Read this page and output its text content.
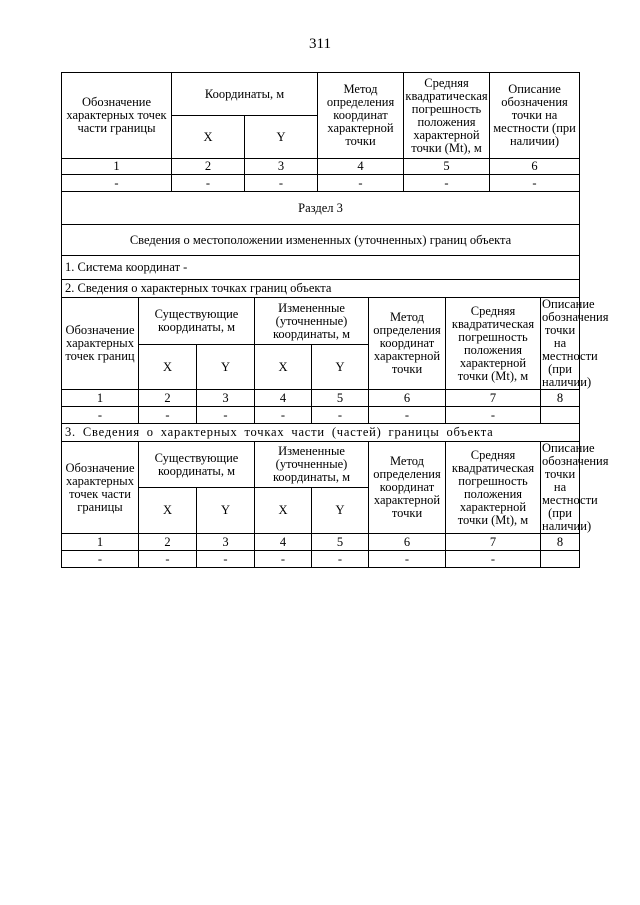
311
Обозначение характерных точек части границы	Координаты, м		Метод определения координат характерной точки	Средняя квадратическая погрешность положения характерной точки (Mt), м	Описание обозначения точки на местности (при наличии)
	X	Y			
1	2	3	4	5	6
-	-	-	-	-	-
Раздел 3					
Сведения о местоположении измененных (уточненных) границ объекта					
1. Система координат -					
2. Сведения о характерных точках границ объекта					
Обозначение характерных точек границ	Существующие координаты, м		Измененные (уточненные) координаты, м		Метод определения координат характерной точки	Средняя квадратическая погрешность положения характерной точки (Mt), м	Описание обозначения точки на местности (при наличии)
	X	Y	X	Y			
1	2	3	4	5	6	7	8
-	-	-	-	-	-	-	
3. Сведения о характерных точках части (частей) границы объекта							
Обозначение характерных точек части границы	Существующие координаты, м		Измененные (уточненные) координаты, м		Метод определения координат характерной точки	Средняя квадратическая погрешность положения характерной точки (Mt), м	Описание обозначения точки на местности (при наличии)
	X	Y	X	Y			
1	2	3	4	5	6	7	8
-	-	-	-	-	-	-	
